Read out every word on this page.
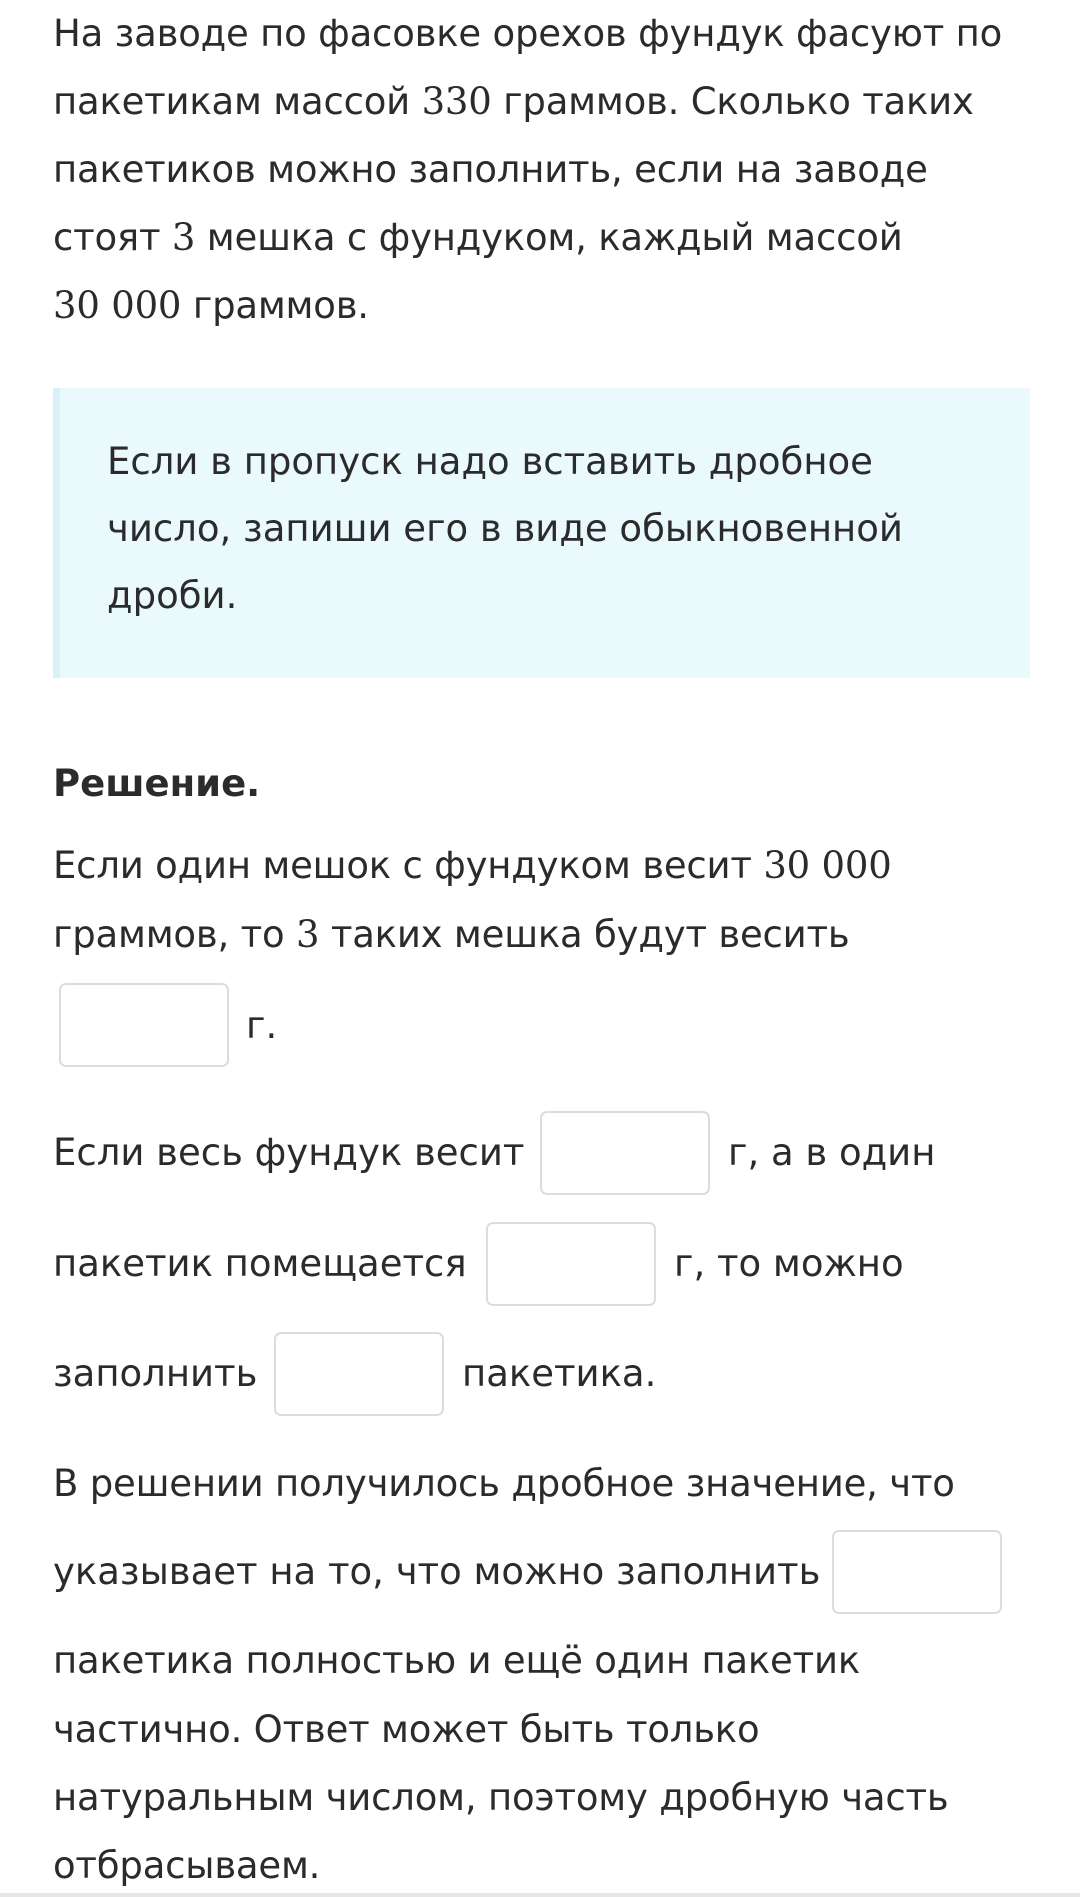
На заводе по фасовке орехов фундук фасуют по
пакетикам массой 330 граммов. Сколько таких
пакетиков можно заполнить, если на заводе
стоят 3 мешка с фундуком, каждый массой
30 000 граммов.
Если в пропуск надо вставить дробное
число, запиши его в виде обыкновенной
дроби.
Решение.
Если один мешок с фундуком весит 30 000
граммов, то 3 таких мешка будут весить
г.
Если весь фундук весит	г, а в один
пакетик помещается	г, то можно
заполнить	пакетика.
В решении получилось дробное значение, что
указывает на то, что можно заполнить
пакетика полностью и ещё один пакетик
частично. Ответ может быть только
натуральным числом, поэтому дробную часть
отбрасываем.
